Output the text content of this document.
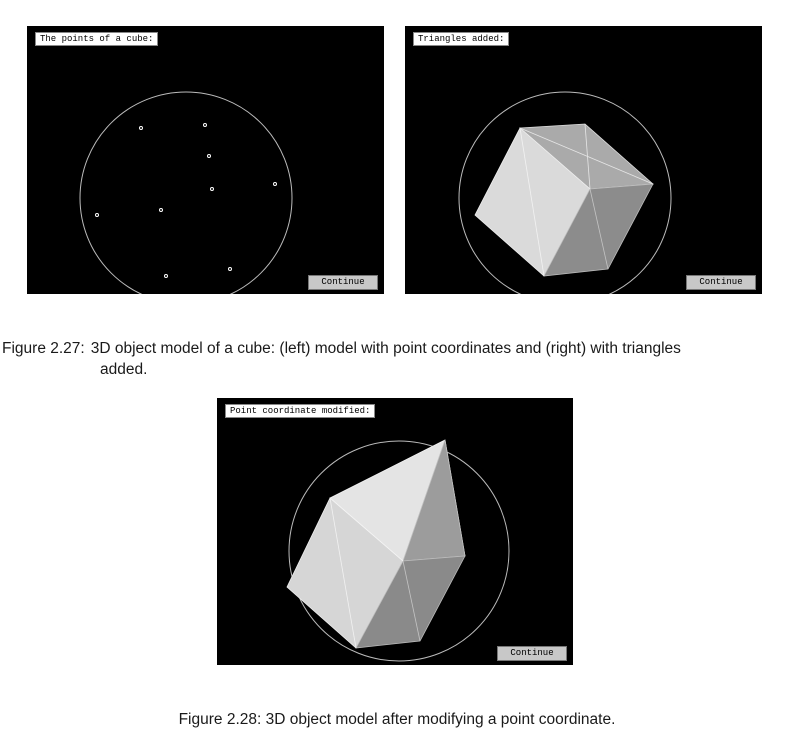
The points of a cube:
Continue
Triangles added:
Continue
Figure 2.27: 3D object model of a cube: (left) model with point coordinates and (right) with triangles
added.
Point coordinate modified:
Continue
Figure 2.28: 3D object model after modifying a point coordinate.
